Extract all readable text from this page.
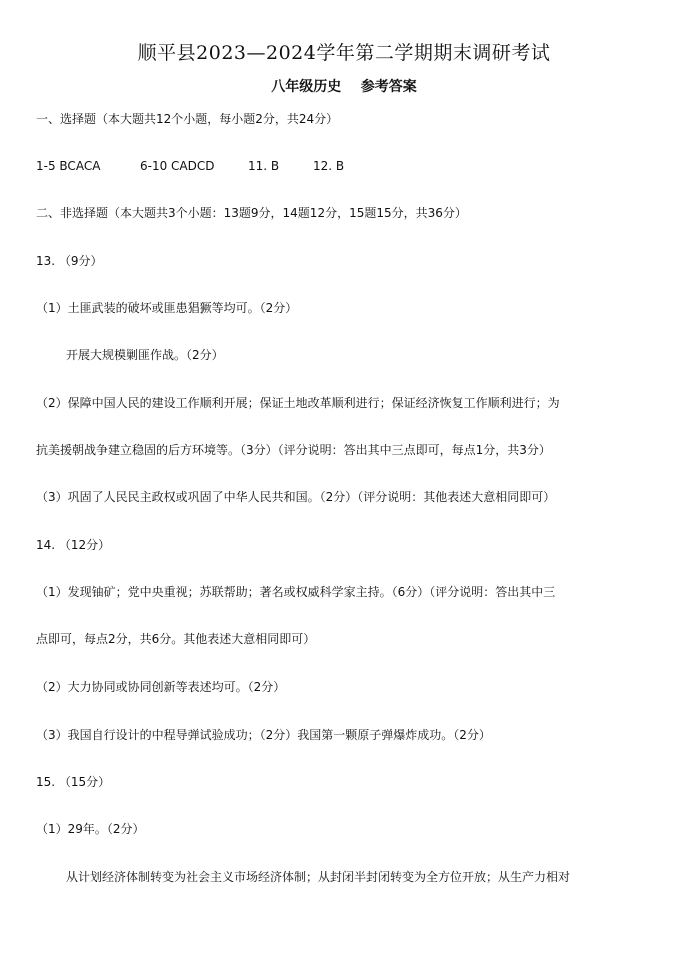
顺平县2023—2024学年第二学期期末调研考试
八年级历史    参考答案
一、选择题（本大题共12个小题，每小题2分，共24分）
1-5 BCACA	6-10 CADCD	11. B	12. B
二、非选择题（本大题共3个小题：13题9分，14题12分，15题15分，共36分）
13. （9分）
（1）土匪武装的破坏或匪患猖獗等均可。（2分）
开展大规模剿匪作战。（2分）
（2）保障中国人民的建设工作顺利开展；保证土地改革顺利进行；保证经济恢复工作顺利进行；为
抗美援朝战争建立稳固的后方环境等。（3分）（评分说明：答出其中三点即可，每点1分，共3分）
（3）巩固了人民民主政权或巩固了中华人民共和国。（2分）（评分说明：其他表述大意相同即可）
14. （12分）
（1）发现铀矿；党中央重视；苏联帮助；著名或权威科学家主持。（6分）（评分说明：答出其中三
点即可，每点2分，共6分。其他表述大意相同即可）
（2）大力协同或协同创新等表述均可。（2分）
（3）我国自行设计的中程导弹试验成功；（2分）我国第一颗原子弹爆炸成功。（2分）
15. （15分）
（1）29年。（2分）
从计划经济体制转变为社会主义市场经济体制；从封闭半封闭转变为全方位开放；从生产力相对
